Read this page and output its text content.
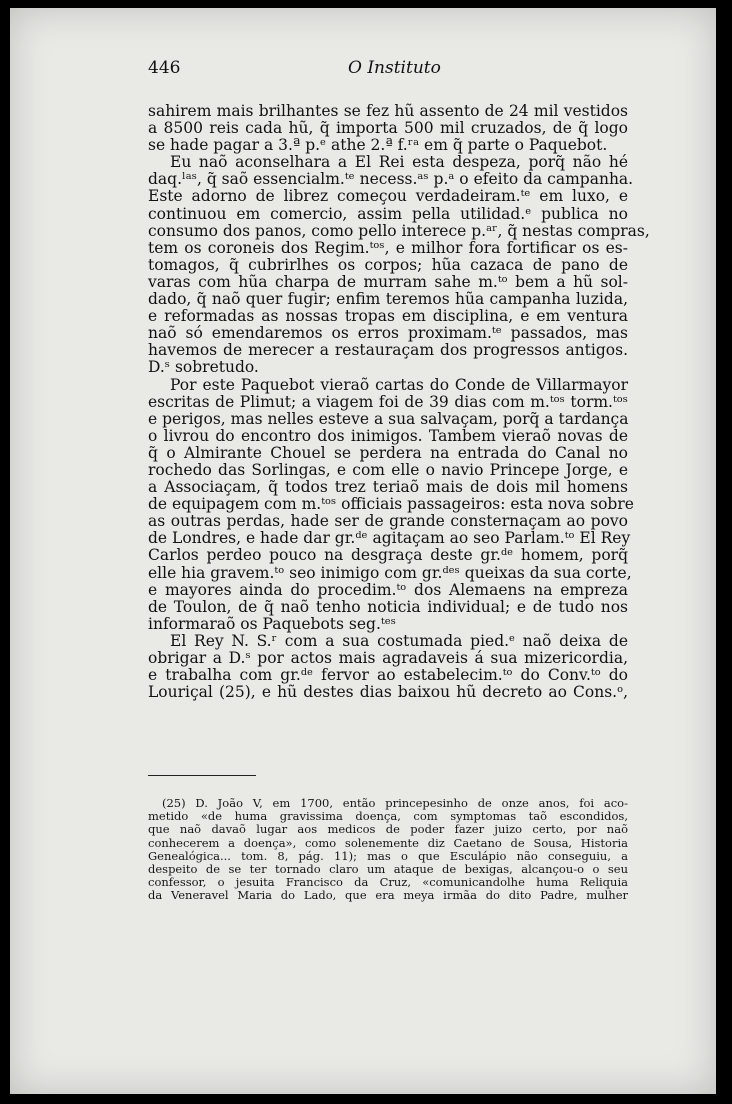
446	O Instituto
sahirem mais brilhantes se fez hũ assento de 24 mil vestidos
a 8500 reis cada hũ, q̃ importa 500 mil cruzados, de q̃ logo
se hade pagar a 3.ª p.ᵉ athe 2.ª f.ʳᵃ em q̃ parte o Paquebot.
Eu naõ aconselhara a El Rei esta despeza, porq̃ não hé
daq.ˡᵃˢ, q̃ saõ essencialm.ᵗᵉ necess.ᵃˢ p.ᵃ o efeito da campanha.
Este adorno de librez começou verdadeiram.ᵗᵉ em luxo, e
continuou em comercio, assim pella utilidad.ᵉ publica no
consumo dos panos, como pello interece p.ᵃʳ, q̃ nestas compras,
tem os coroneis dos Regim.ᵗᵒˢ, e milhor fora fortificar os es-
tomagos, q̃ cubrirlhes os corpos; hũa cazaca de pano de
varas com hũa charpa de murram sahe m.ᵗᵒ bem a hũ sol-
dado, q̃ naõ quer fugir; enfim teremos hũa campanha luzida,
e reformadas as nossas tropas em disciplina, e em ventura
naõ só emendaremos os erros proximam.ᵗᵉ passados, mas
havemos de merecer a restauraçam dos progressos antigos.
D.ˢ sobretudo.
Por este Paquebot vieraõ cartas do Conde de Villarmayor
escritas de Plimut; a viagem foi de 39 dias com m.ᵗᵒˢ torm.ᵗᵒˢ
e perigos, mas nelles esteve a sua salvaçam, porq̃ a tardança
o livrou do encontro dos inimigos. Tambem vieraõ novas de
q̃ o Almirante Chouel se perdera na entrada do Canal no
rochedo das Sorlingas, e com elle o navio Princepe Jorge, e
a Associaçam, q̃ todos trez teriaõ mais de dois mil homens
de equipagem com m.ᵗᵒˢ officiais passageiros: esta nova sobre
as outras perdas, hade ser de grande consternaçam ao povo
de Londres, e hade dar gr.ᵈᵉ agitaçam ao seo Parlam.ᵗᵒ El Rey
Carlos perdeo pouco na desgraça deste gr.ᵈᵉ homem, porq̃
elle hia gravem.ᵗᵒ seo inimigo com gr.ᵈᵉˢ queixas da sua corte,
e mayores ainda do procedim.ᵗᵒ dos Alemaens na empreza
de Toulon, de q̃ naõ tenho noticia individual; e de tudo nos
informaraõ os Paquebots seg.ᵗᵉˢ
El Rey N. S.ʳ com a sua costumada pied.ᵉ naõ deixa de
obrigar a D.ˢ por actos mais agradaveis á sua mizericordia,
e trabalha com gr.ᵈᵉ fervor ao estabelecim.ᵗᵒ do Conv.ᵗᵒ do
Louriçal (25), e hũ destes dias baixou hũ decreto ao Cons.ᵒ,
(25) D. João V, em 1700, então princepesinho de onze anos, foi aco-
metido «de huma gravissima doença, com symptomas taõ escondidos,
que naõ davaõ lugar aos medicos de poder fazer juizo certo, por naõ
conhecerem a doença», como solenemente diz Caetano de Sousa, Historia
Genealógica... tom. 8, pág. 11); mas o que Esculápio não conseguiu, a
despeito de se ter tornado claro um ataque de bexigas, alcançou-o o seu
confessor, o jesuita Francisco da Cruz, «comunicandolhe huma Reliquia
da Veneravel Maria do Lado, que era meya irmãa do dito Padre, mulher
